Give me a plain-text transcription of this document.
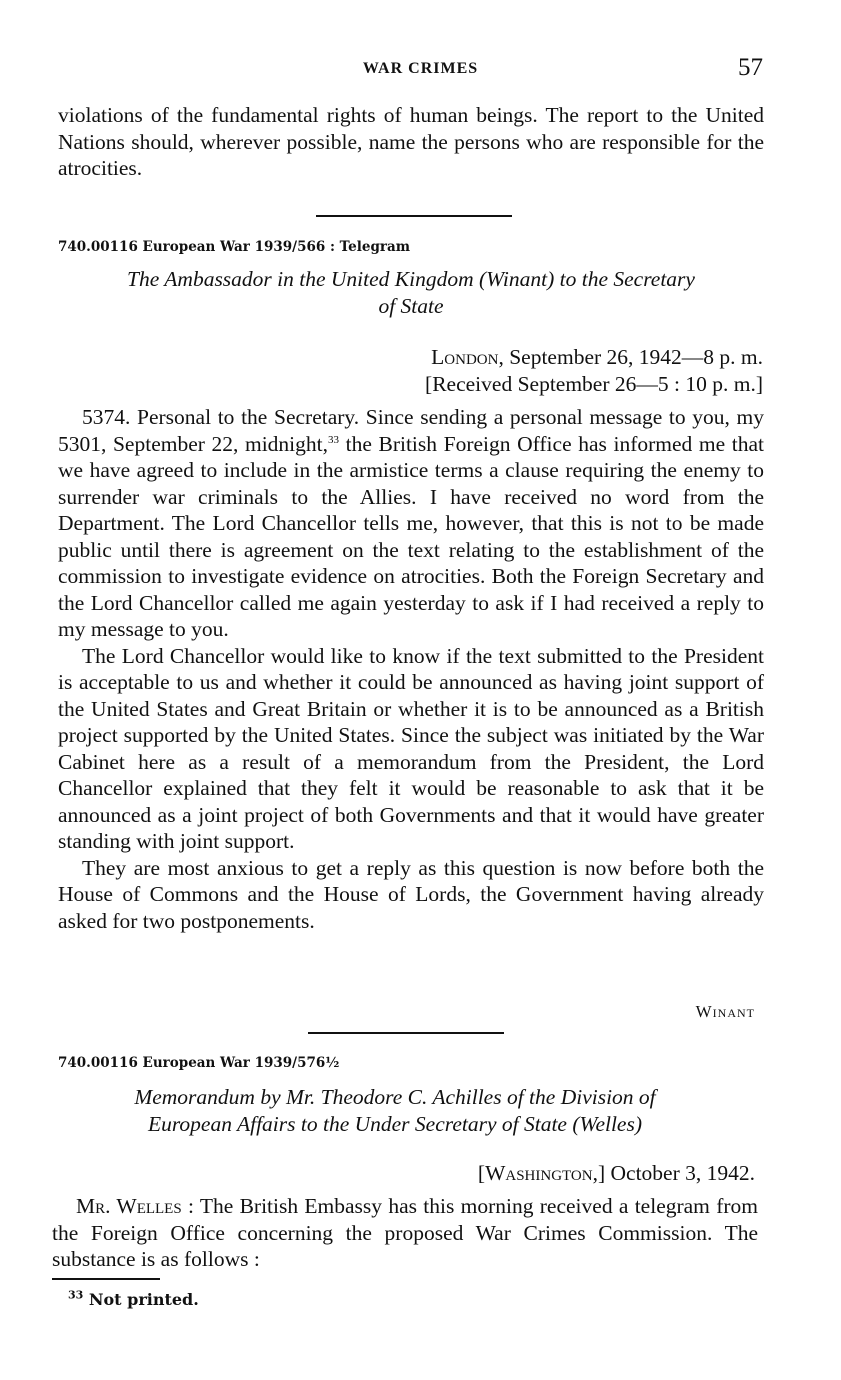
WAR CRIMES	57

violations of the fundamental rights of human beings. The report to the United Nations should, wherever possible, name the persons who are responsible for the atrocities.

740.00116 European War 1939/566 : Telegram
The Ambassador in the United Kingdom (Winant) to the Secretary
of State
London, September 26, 1942—8 p. m.
[Received September 26—5 : 10 p. m.]

5374. Personal to the Secretary. Since sending a personal message to you, my 5301, September 22, midnight,$^{33}$ the British Foreign Office has informed me that we have agreed to include in the armistice terms a clause requiring the enemy to surrender war criminals to the Allies. I have received no word from the Department. The Lord Chancellor tells me, however, that this is not to be made public until there is agreement on the text relating to the establishment of the commission to investigate evidence on atrocities. Both the Foreign Secretary and the Lord Chancellor called me again yesterday to ask if I had received a reply to my message to you.

The Lord Chancellor would like to know if the text submitted to the President is acceptable to us and whether it could be announced as having joint support of the United States and Great Britain or whether it is to be announced as a British project supported by the United States. Since the subject was initiated by the War Cabinet here as a result of a memorandum from the President, the Lord Chancellor explained that they felt it would be reasonable to ask that it be announced as a joint project of both Governments and that it would have greater standing with joint support.

They are most anxious to get a reply as this question is now before both the House of Commons and the House of Lords, the Government having already asked for two postponements.

Winant
740.00116 European War 1939/576½
Memorandum by Mr. Theodore C. Achilles of the Division of
European Affairs to the Under Secretary of State (Welles)
[Washington,] October 3, 1942.

Mr. Welles : The British Embassy has this morning received a telegram from the Foreign Office concerning the proposed War Crimes Commission. The substance is as follows :

$^{33}$ Not printed.
